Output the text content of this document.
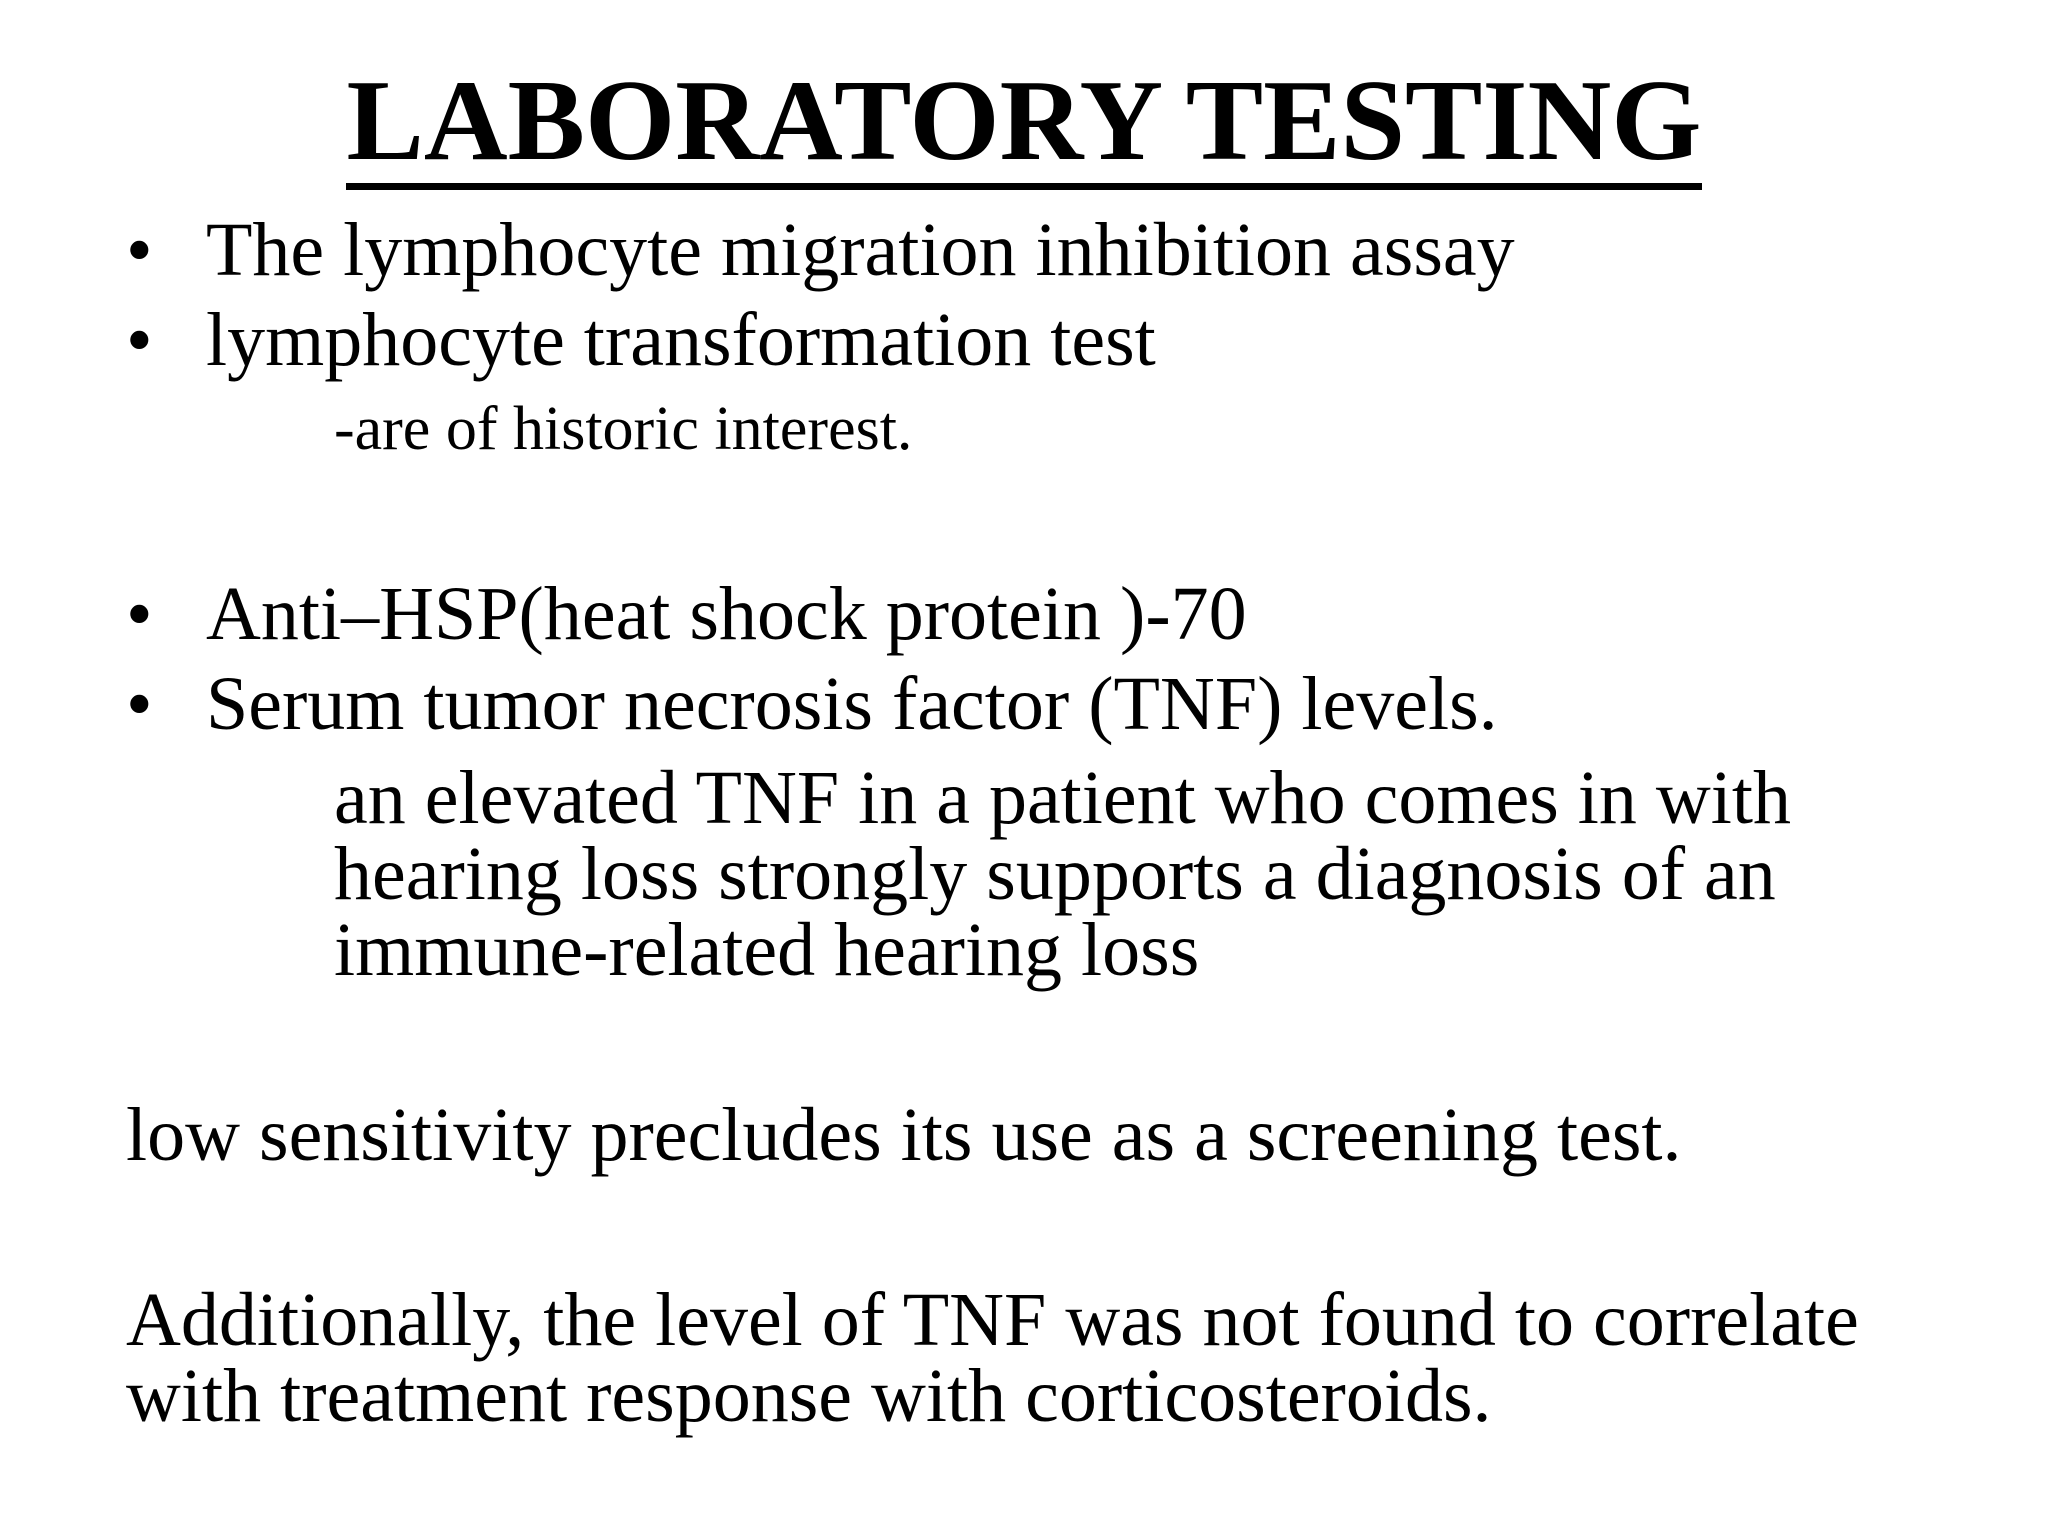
LABORATORY TESTING
• The lymphocyte migration inhibition assay
• lymphocyte transformation test
-are of historic interest.
• Anti–HSP(heat shock protein )-70
• Serum tumor necrosis factor (TNF) levels.
an elevated TNF in a patient who comes in with hearing loss strongly supports a diagnosis of an immune-related hearing loss
low sensitivity precludes its use as a screening test.
Additionally, the level of TNF was not found to correlate with treatment response with corticosteroids.
